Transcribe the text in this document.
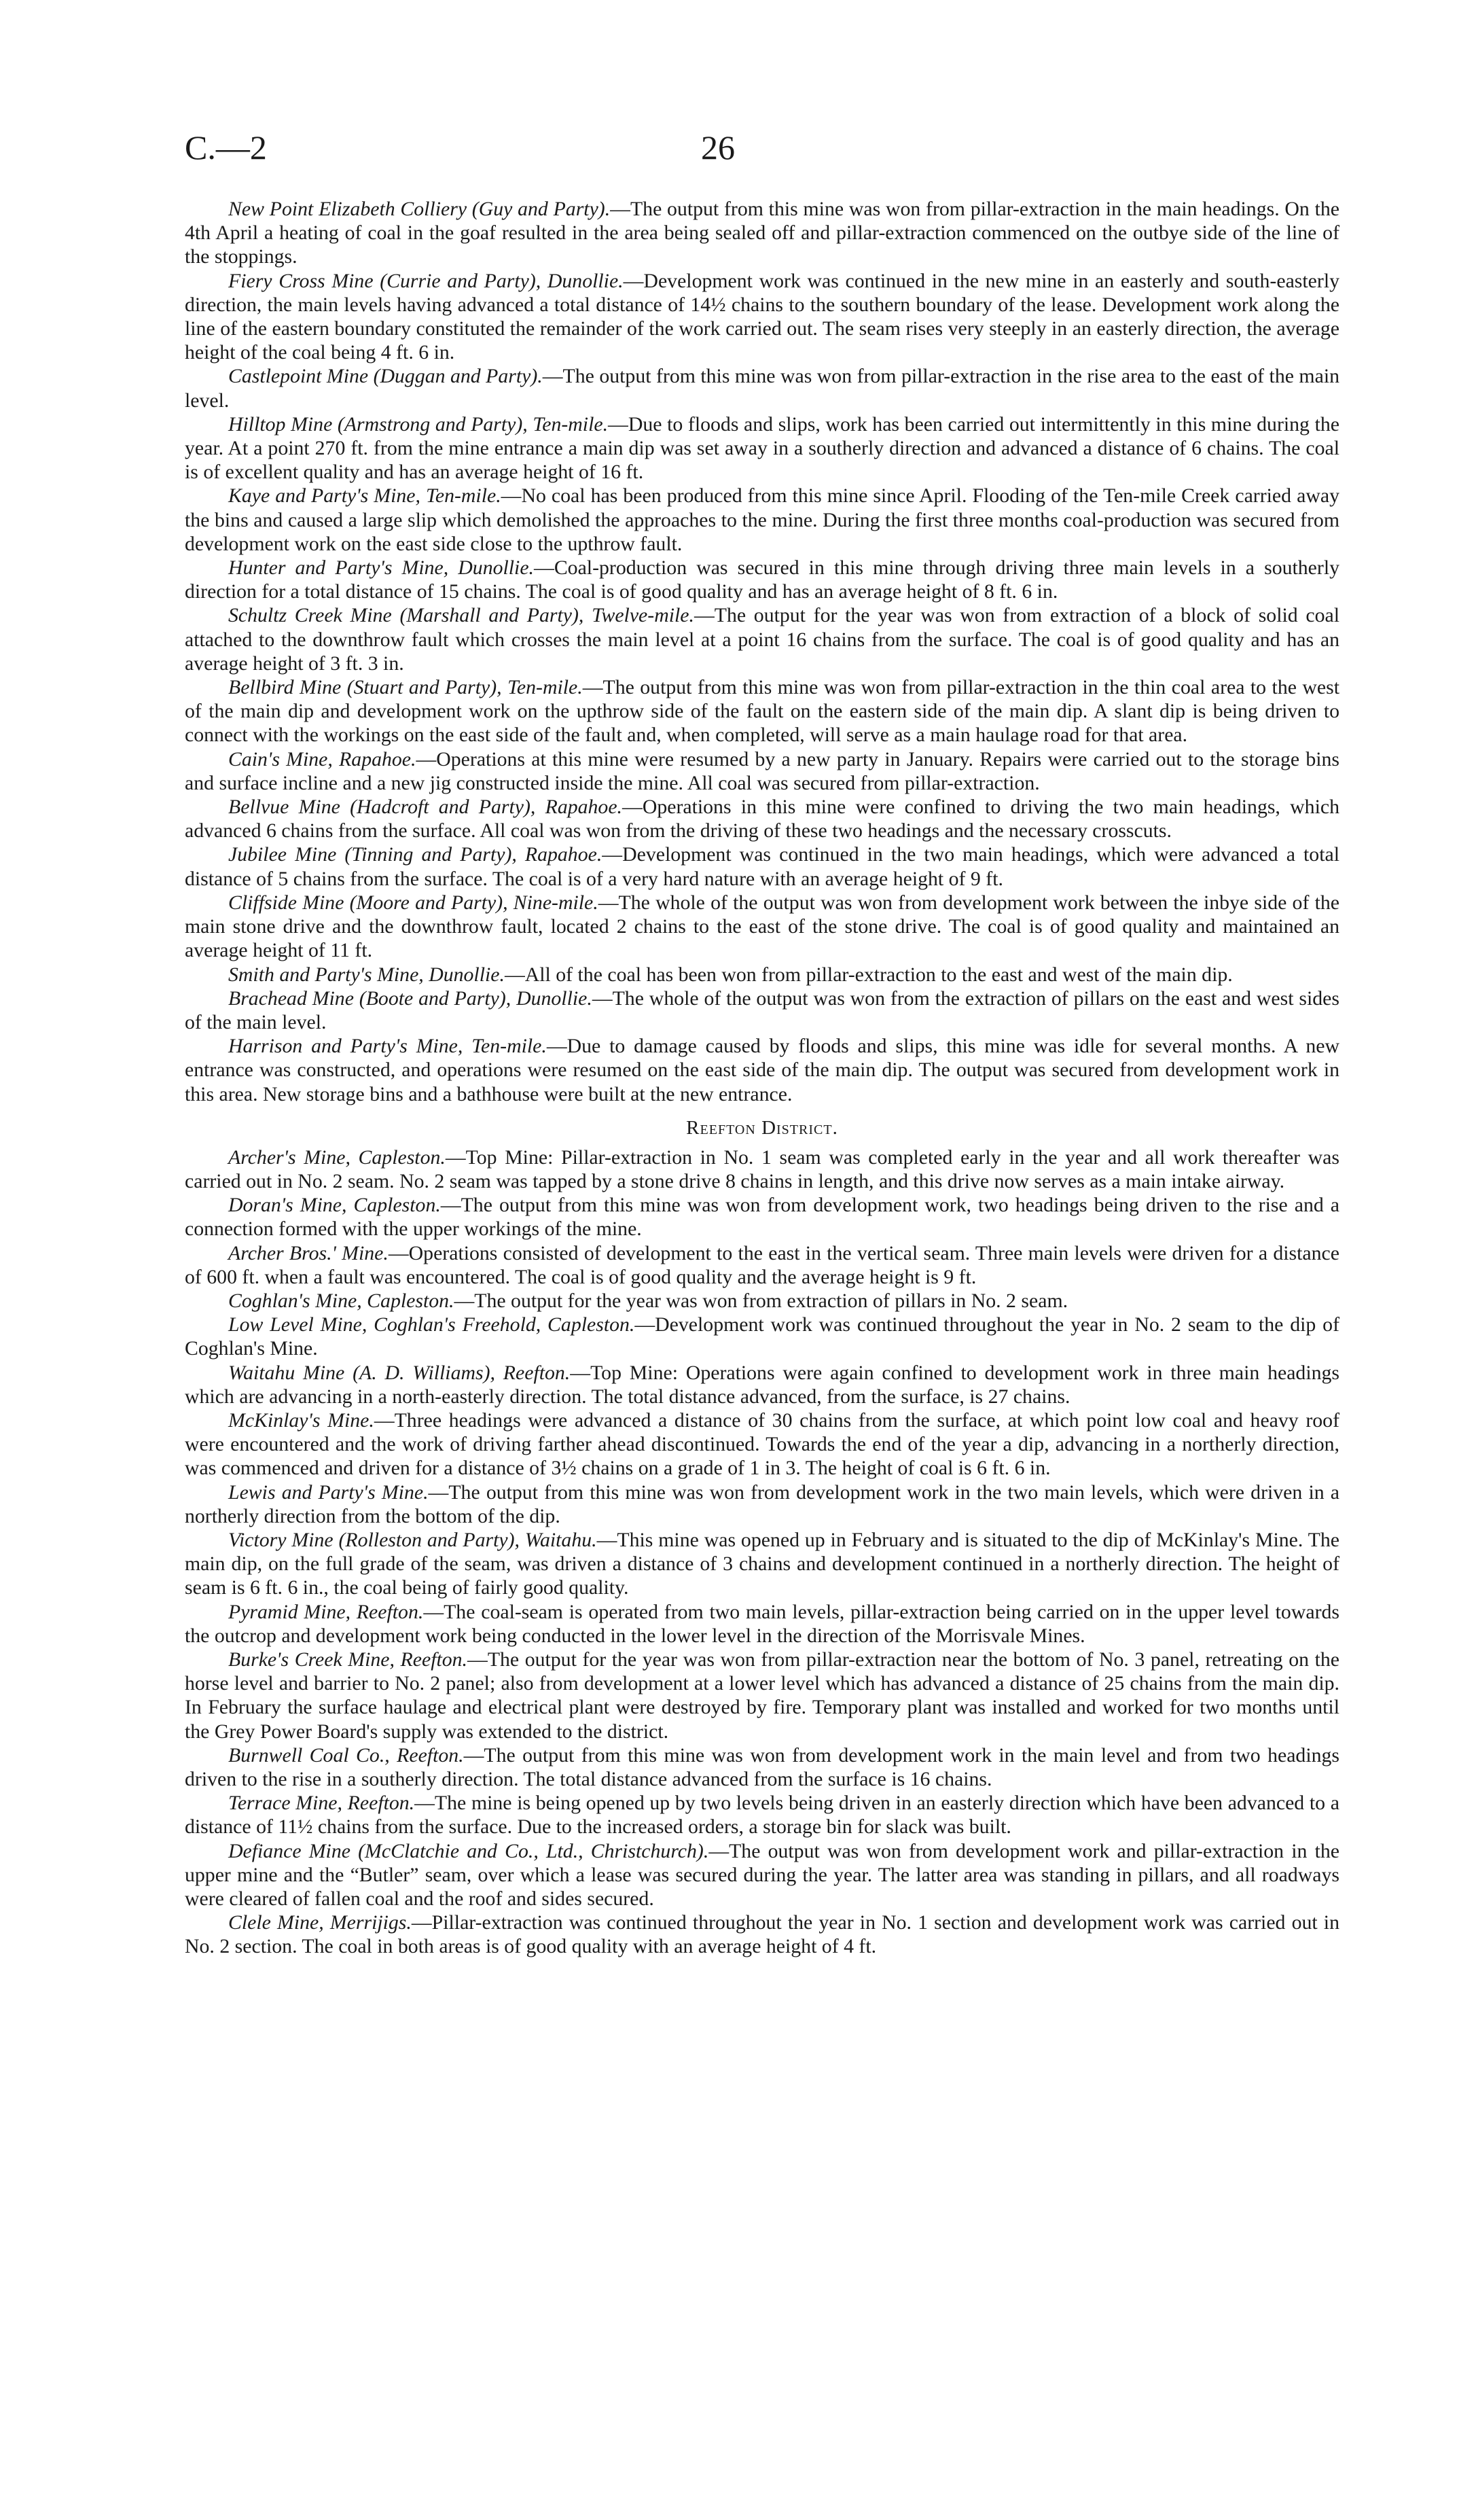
C.—2	26

New Point Elizabeth Colliery (Guy and Party).—The output from this mine was won from pillar-extraction in the main headings. On the 4th April a heating of coal in the goaf resulted in the area being sealed off and pillar-extraction commenced on the outbye side of the line of the stoppings.

Fiery Cross Mine (Currie and Party), Dunollie.—Development work was continued in the new mine in an easterly and south-easterly direction, the main levels having advanced a total distance of 14½ chains to the southern boundary of the lease. Development work along the line of the eastern boundary constituted the remainder of the work carried out. The seam rises very steeply in an easterly direction, the average height of the coal being 4 ft. 6 in.

Castlepoint Mine (Duggan and Party).—The output from this mine was won from pillar-extraction in the rise area to the east of the main level.

Hilltop Mine (Armstrong and Party), Ten-mile.—Due to floods and slips, work has been carried out intermittently in this mine during the year. At a point 270 ft. from the mine entrance a main dip was set away in a southerly direction and advanced a distance of 6 chains. The coal is of excellent quality and has an average height of 16 ft.

Kaye and Party's Mine, Ten-mile.—No coal has been produced from this mine since April. Flooding of the Ten-mile Creek carried away the bins and caused a large slip which demolished the approaches to the mine. During the first three months coal-production was secured from development work on the east side close to the upthrow fault.

Hunter and Party's Mine, Dunollie.—Coal-production was secured in this mine through driving three main levels in a southerly direction for a total distance of 15 chains. The coal is of good quality and has an average height of 8 ft. 6 in.

Schultz Creek Mine (Marshall and Party), Twelve-mile.—The output for the year was won from extraction of a block of solid coal attached to the downthrow fault which crosses the main level at a point 16 chains from the surface. The coal is of good quality and has an average height of 3 ft. 3 in.

Bellbird Mine (Stuart and Party), Ten-mile.—The output from this mine was won from pillar-extraction in the thin coal area to the west of the main dip and development work on the upthrow side of the fault on the eastern side of the main dip. A slant dip is being driven to connect with the workings on the east side of the fault and, when completed, will serve as a main haulage road for that area.

Cain's Mine, Rapahoe.—Operations at this mine were resumed by a new party in January. Repairs were carried out to the storage bins and surface incline and a new jig constructed inside the mine. All coal was secured from pillar-extraction.

Bellvue Mine (Hadcroft and Party), Rapahoe.—Operations in this mine were confined to driving the two main headings, which advanced 6 chains from the surface. All coal was won from the driving of these two headings and the necessary crosscuts.

Jubilee Mine (Tinning and Party), Rapahoe.—Development was continued in the two main headings, which were advanced a total distance of 5 chains from the surface. The coal is of a very hard nature with an average height of 9 ft.

Cliffside Mine (Moore and Party), Nine-mile.—The whole of the output was won from development work between the inbye side of the main stone drive and the downthrow fault, located 2 chains to the east of the stone drive. The coal is of good quality and maintained an average height of 11 ft.

Smith and Party's Mine, Dunollie.—All of the coal has been won from pillar-extraction to the east and west of the main dip.

Brachead Mine (Boote and Party), Dunollie.—The whole of the output was won from the extraction of pillars on the east and west sides of the main level.

Harrison and Party's Mine, Ten-mile.—Due to damage caused by floods and slips, this mine was idle for several months. A new entrance was constructed, and operations were resumed on the east side of the main dip. The output was secured from development work in this area. New storage bins and a bathhouse were built at the new entrance.

Reefton District.

Archer's Mine, Capleston.—Top Mine: Pillar-extraction in No. 1 seam was completed early in the year and all work thereafter was carried out in No. 2 seam. No. 2 seam was tapped by a stone drive 8 chains in length, and this drive now serves as a main intake airway.

Doran's Mine, Capleston.—The output from this mine was won from development work, two headings being driven to the rise and a connection formed with the upper workings of the mine.

Archer Bros.' Mine.—Operations consisted of development to the east in the vertical seam. Three main levels were driven for a distance of 600 ft. when a fault was encountered. The coal is of good quality and the average height is 9 ft.

Coghlan's Mine, Capleston.—The output for the year was won from extraction of pillars in No. 2 seam.

Low Level Mine, Coghlan's Freehold, Capleston.—Development work was continued throughout the year in No. 2 seam to the dip of Coghlan's Mine.

Waitahu Mine (A. D. Williams), Reefton.—Top Mine: Operations were again confined to development work in three main headings which are advancing in a north-easterly direction. The total distance advanced, from the surface, is 27 chains.

McKinlay's Mine.—Three headings were advanced a distance of 30 chains from the surface, at which point low coal and heavy roof were encountered and the work of driving farther ahead discontinued. Towards the end of the year a dip, advancing in a northerly direction, was commenced and driven for a distance of 3½ chains on a grade of 1 in 3. The height of coal is 6 ft. 6 in.

Lewis and Party's Mine.—The output from this mine was won from development work in the two main levels, which were driven in a northerly direction from the bottom of the dip.

Victory Mine (Rolleston and Party), Waitahu.—This mine was opened up in February and is situated to the dip of McKinlay's Mine. The main dip, on the full grade of the seam, was driven a distance of 3 chains and development continued in a northerly direction. The height of seam is 6 ft. 6 in., the coal being of fairly good quality.

Pyramid Mine, Reefton.—The coal-seam is operated from two main levels, pillar-extraction being carried on in the upper level towards the outcrop and development work being conducted in the lower level in the direction of the Morrisvale Mines.

Burke's Creek Mine, Reefton.—The output for the year was won from pillar-extraction near the bottom of No. 3 panel, retreating on the horse level and barrier to No. 2 panel; also from development at a lower level which has advanced a distance of 25 chains from the main dip. In February the surface haulage and electrical plant were destroyed by fire. Temporary plant was installed and worked for two months until the Grey Power Board's supply was extended to the district.

Burnwell Coal Co., Reefton.—The output from this mine was won from development work in the main level and from two headings driven to the rise in a southerly direction. The total distance advanced from the surface is 16 chains.

Terrace Mine, Reefton.—The mine is being opened up by two levels being driven in an easterly direction which have been advanced to a distance of 11½ chains from the surface. Due to the increased orders, a storage bin for slack was built.

Defiance Mine (McClatchie and Co., Ltd., Christchurch).—The output was won from development work and pillar-extraction in the upper mine and the “Butler” seam, over which a lease was secured during the year. The latter area was standing in pillars, and all roadways were cleared of fallen coal and the roof and sides secured.

Clele Mine, Merrijigs.—Pillar-extraction was continued throughout the year in No. 1 section and development work was carried out in No. 2 section. The coal in both areas is of good quality with an average height of 4 ft.
